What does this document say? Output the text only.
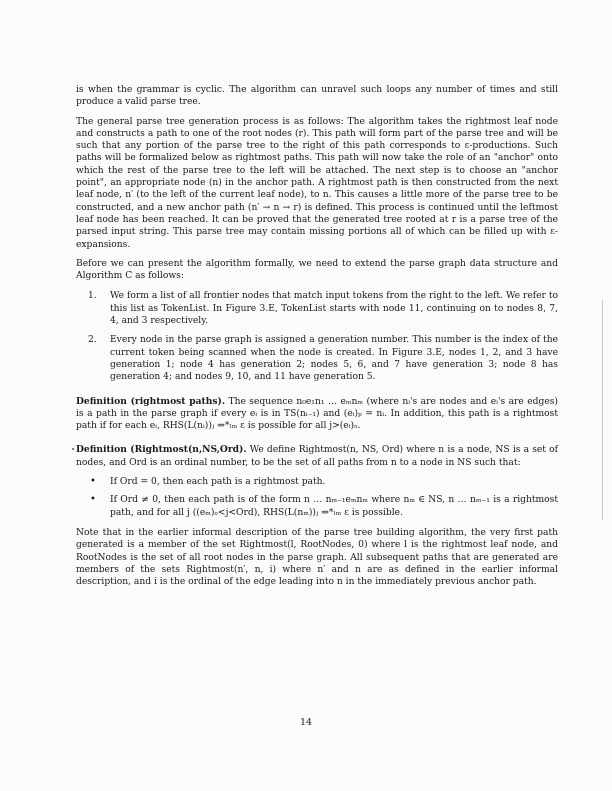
is when the grammar is cyclic. The algorithm can unravel such loops any number of times and still produce a valid parse tree.

The general parse tree generation process is as follows: The algorithm takes the rightmost leaf node and constructs a path to one of the root nodes (r). This path will form part of the parse tree and will be such that any portion of the parse tree to the right of this path corresponds to ε-productions. Such paths will be formalized below as rightmost paths. This path will now take the role of an "anchor" onto which the rest of the parse tree to the left will be attached. The next step is to choose an "anchor point", an appropriate node (n) in the anchor path. A rightmost path is then constructed from the next leaf node, n′ (to the left of the current leaf node), to n. This causes a little more of the parse tree to be constructed, and a new anchor path (n′ → n → r) is defined. This process is continued until the leftmost leaf node has been reached. It can be proved that the generated tree rooted at r is a parse tree of the parsed input string. This parse tree may contain missing portions all of which can be filled up with ε-expansions.

Before we can present the algorithm formally, we need to extend the parse graph data structure and Algorithm C as follows:

1. We form a list of all frontier nodes that match input tokens from the right to the left. We refer to this list as TokenList. In Figure 3.E, TokenList starts with node 11, continuing on to nodes 8, 7, 4, and 3 respectively.
2. Every node in the parse graph is assigned a generation number. This number is the index of the current token being scanned when the node is created. In Figure 3.E, nodes 1, 2, and 3 have generation 1; node 4 has generation 2; nodes 5, 6, and 7 have generation 3; node 8 has generation 4; and nodes 9, 10, and 11 have generation 5.

Definition (rightmost paths). The sequence n₀e₁n₁ … eₘnₘ (where nᵢ's are nodes and eᵢ's are edges) is a path in the parse graph if every eᵢ is in TS(nᵢ₋₁) and (eᵢ)ₚ = nᵢ. In addition, this path is a rightmost path if for each eᵢ, RHS(L(nᵢ))ⱼ ⇒*ₗₘ ε is possible for all j>(eᵢ)ₒ.

Definition (Rightmost(n,NS,Ord). We define Rightmost(n, NS, Ord) where n is a node, NS is a set of nodes, and Ord is an ordinal number, to be the set of all paths from n to a node in NS such that:

• If Ord = 0, then each path is a rightmost path.
• If Ord ≠ 0, then each path is of the form n … nₘ₋₁eₘnₘ where nₘ ∈ NS, n … nₘ₋₁ is a rightmost path, and for all j ((eₘ)ₒ<j<Ord), RHS(L(nₘ))ⱼ ⇒*ₗₘ ε is possible.

Note that in the earlier informal description of the parse tree building algorithm, the very first path generated is a member of the set Rightmost(l, RootNodes, 0) where l is the rightmost leaf node, and RootNodes is the set of all root nodes in the parse graph. All subsequent paths that are generated are members of the sets Rightmost(n′, n, i) where n′ and n are as defined in the earlier informal description, and i is the ordinal of the edge leading into n in the immediately previous anchor path.

14
